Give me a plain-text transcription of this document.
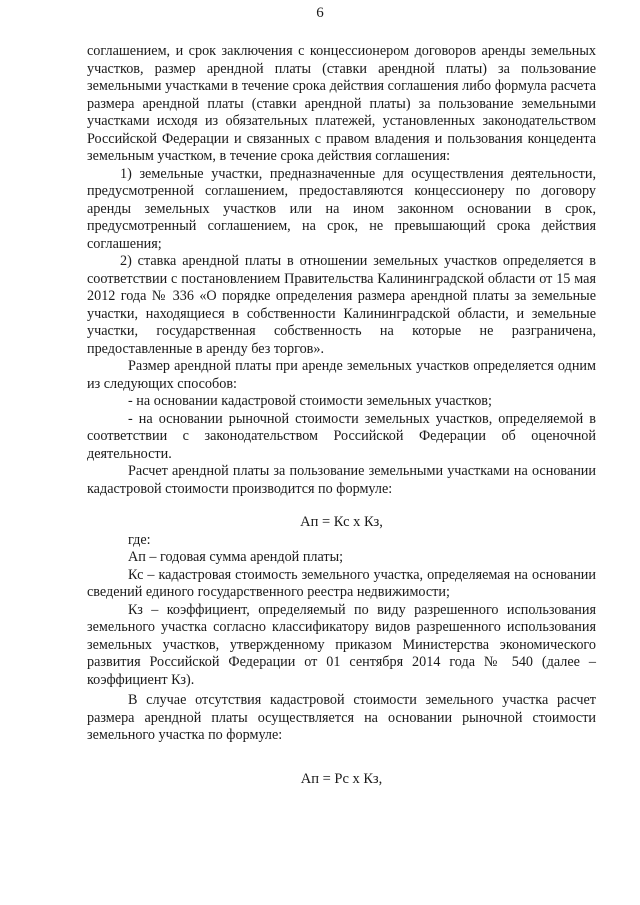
6

соглашением, и срок заключения с концессионером договоров аренды земельных участков, размер арендной платы (ставки арендной платы) за пользование земельными участками в течение срока действия соглашения либо формула расчета размера арендной платы (ставки арендной платы) за пользование земельными участками исходя из обязательных платежей, установленных законодательством Российской Федерации и связанных с правом владения и пользования концедента земельным участком, в течение срока действия соглашения:

1) земельные участки, предназначенные для осуществления деятельности, предусмотренной соглашением, предоставляются концессионеру по договору аренды земельных участков или на ином законном основании в срок, предусмотренный соглашением, на срок, не превышающий срока действия соглашения;

2) ставка арендной платы в отношении земельных участков определяется в соответствии с постановлением Правительства Калининградской области от 15 мая 2012 года № 336 «О порядке определения размера арендной платы за земельные участки, находящиеся в собственности Калининградской области, и земельные участки, государственная собственность на которые не разграничена, предоставленные в аренду без торгов».

Размер арендной платы при аренде земельных участков определяется одним из следующих способов:

- на основании кадастровой стоимости земельных участков;

- на основании рыночной стоимости земельных участков, определяемой в соответствии с законодательством Российской Федерации об оценочной деятельности.

Расчет арендной платы за пользование земельными участками на основании кадастровой стоимости производится по формуле:

Ап = Кс х Кз,

где:

Ап – годовая сумма арендой платы;

Кс – кадастровая стоимость земельного участка, определяемая на основании сведений единого государственного реестра недвижимости;

Кз – коэффициент, определяемый по виду разрешенного использования земельного участка согласно классификатору видов разрешенного использования земельных участков, утвержденному приказом Министерства экономического развития Российской Федерации от 01 сентября 2014 года № 540 (далее – коэффициент Кз).

В случае отсутствия кадастровой стоимости земельного участка расчет размера арендной платы осуществляется на основании рыночной стоимости земельного участка по формуле:

Ап = Рс х Кз,
